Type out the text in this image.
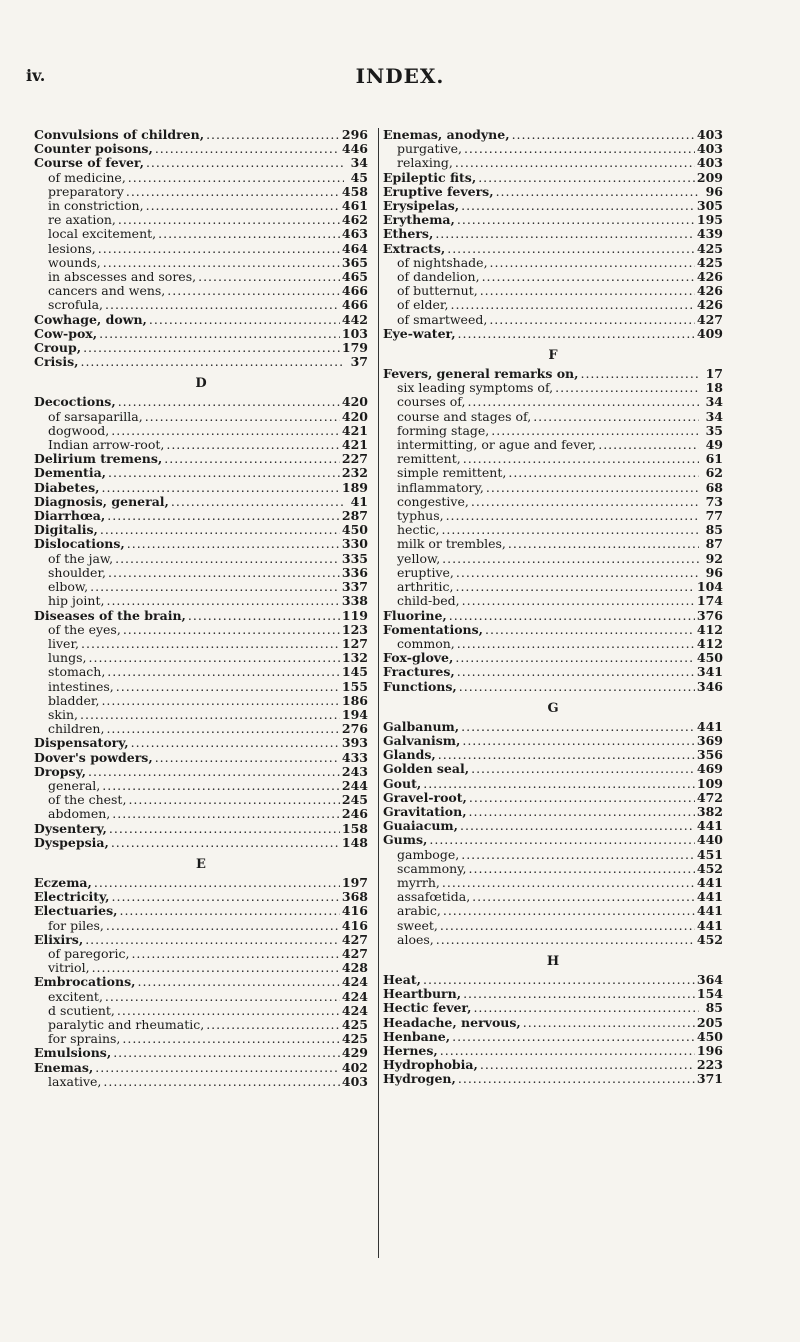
iv.	INDEX.
Convulsions of children, .....	296
Counter poisons, .....	446
Course of fever, .....	34
of medicine, .....	45
preparatory .....	458
in constriction, .....	461
re axation, .....	462
local excitement, .....	463
lesions, .....	464
wounds, .....	365
in abscesses and sores, .....	465
cancers and wens, .....	466
scrofula, .....	466
Cowhage, down, .....	442
Cow-pox, .....	103
Croup, .....	179
Crisis, .....	37
D
Decoctions, .....	420
of sarsaparilla, .....	420
dogwood, .....	421
Indian arrow-root, .....	421
Delirium tremens, .....	227
Dementia, .....	232
Diabetes, .....	189
Diagnosis, general, .....	41
Diarrhœa, .....	287
Digitalis, .....	450
Dislocations, .....	330
of the jaw, .....	335
shoulder, .....	336
elbow, .....	337
hip joint, .....	338
Diseases of the brain, .....	119
of the eyes, .....	123
liver, .....	127
lungs, .....	132
stomach, .....	145
intestines, .....	155
bladder, .....	186
skin, .....	194
children, .....	276
Dispensatory, .....	393
Dover's powders, .....	433
Dropsy, .....	243
general, .....	244
of the chest, .....	245
abdomen, .....	246
Dysentery, .....	158
Dyspepsia, .....	148
E
Eczema, .....	197
Electricity, .....	368
Electuaries, .....	416
for piles, .....	416
Elixirs, .....	427
of paregoric, .....	427
vitriol, .....	428
Embrocations, .....	424
excitent, .....	424
d scutient, .....	424
paralytic and rheumatic, .....	425
for sprains, .....	425
Emulsions, .....	429
Enemas, .....	402
laxative, .....	403
Enemas, anodyne, .....	403
purgative, .....	403
relaxing, .....	403
Epileptic fits, .....	209
Eruptive fevers, .....	96
Erysipelas, .....	305
Erythema, .....	195
Ethers, .....	439
Extracts, .....	425
of nightshade, .....	425
of dandelion, .....	426
of butternut, .....	426
of elder, .....	426
of smartweed, .....	427
Eye-water, .....	409
F
Fevers, general remarks on, .....	17
six leading symptoms of, .....	18
courses of, .....	34
course and stages of, .....	34
forming stage, .....	35
intermitting, or ague and fever, .....	49
remittent, .....	61
simple remittent, .....	62
inflammatory, .....	68
congestive, .....	73
typhus, .....	77
hectic, .....	85
milk or trembles, .....	87
yellow, .....	92
eruptive, .....	96
arthritic, .....	104
child-bed, .....	174
Fluorine, .....	376
Fomentations, .....	412
common, .....	412
Fox-glove, .....	450
Fractures, .....	341
Functions, .....	346
G
Galbanum, .....	441
Galvanism, .....	369
Glands, .....	356
Golden seal, .....	469
Gout, .....	109
Gravel-root, .....	472
Gravitation, .....	382
Guaiacum, .....	441
Gums, .....	440
gamboge, .....	451
scammony, .....	452
myrrh, .....	441
assafœtida, .....	441
arabic, .....	441
sweet, .....	441
aloes, .....	452
H
Heat, .....	364
Heartburn, .....	154
Hectic fever, .....	85
Headache, nervous, .....	205
Henbane, .....	450
Hernes, .....	196
Hydrophobia, .....	223
Hydrogen, .....	371
